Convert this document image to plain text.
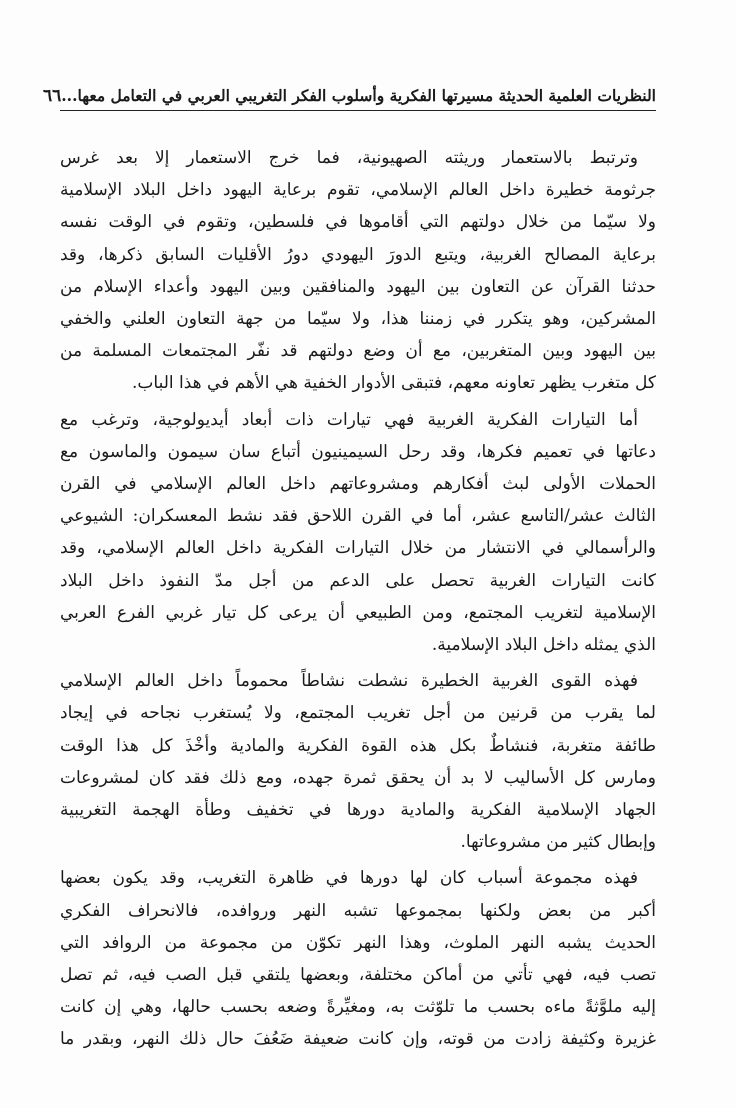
النظريات العلمية الحديثة مسيرتها الفكرية وأسلوب الفكر التغريبي العربي في التعامل معها...
٦٦
وترتبط بالاستعمار وريثته الصهيونية، فما خرج الاستعمار إلا بعد غرس
جرثومة خطيرة داخل العالم الإسلامي، تقوم برعاية اليهود داخل البلاد الإسلامية
ولا سيّما من خلال دولتهم التي أقاموها في فلسطين، وتقوم في الوقت نفسه
برعاية المصالح الغربية، ويتبع الدورَ اليهودي دورُ الأقليات السابق ذكرها، وقد
حدثنا القرآن عن التعاون بين اليهود والمنافقين وبين اليهود وأعداء الإسلام من
المشركين، وهو يتكرر في زمننا هذا، ولا سيّما من جهة التعاون العلني والخفي
بين اليهود وبين المتغربين، مع أن وضع دولتهم قد نفّر المجتمعات المسلمة من
كل متغرب يظهر تعاونه معهم، فتبقى الأدوار الخفية هي الأهم في هذا الباب.
أما التيارات الفكرية الغربية فهي تيارات ذات أبعاد أيديولوجية، وترغب مع
دعاتها في تعميم فكرها، وقد رحل السيمينيون أتباع سان سيمون والماسون مع
الحملات الأولى لبث أفكارهم ومشروعاتهم داخل العالم الإسلامي في القرن
الثالث عشر/التاسع عشر، أما في القرن اللاحق فقد نشط المعسكران: الشيوعي
والرأسمالي في الانتشار من خلال التيارات الفكرية داخل العالم الإسلامي، وقد
كانت التيارات الغربية تحصل على الدعم من أجل مدّ النفوذ داخل البلاد
الإسلامية لتغريب المجتمع، ومن الطبيعي أن يرعى كل تيار غربي الفرع العربي
الذي يمثله داخل البلاد الإسلامية.
فهذه القوى الغربية الخطيرة نشطت نشاطاً محموماً داخل العالم الإسلامي
لما يقرب من قرنين من أجل تغريب المجتمع، ولا يُستغرب نجاحه في إيجاد
طائفة متغربة، فنشاطٌ بكل هذه القوة الفكرية والمادية وأخْذَ كل هذا الوقت
ومارس كل الأساليب لا بد أن يحقق ثمرة جهده، ومع ذلك فقد كان لمشروعات
الجهاد الإسلامية الفكرية والمادية دورها في تخفيف وطأة الهجمة التغريبية
وإبطال كثير من مشروعاتها.
فهذه مجموعة أسباب كان لها دورها في ظاهرة التغريب، وقد يكون بعضها
أكبر من بعض ولكنها بمجموعها تشبه النهر وروافده، فالانحراف الفكري
الحديث يشبه النهر الملوث، وهذا النهر تكوّن من مجموعة من الروافد التي
تصب فيه، فهي تأتي من أماكن مختلفة، وبعضها يلتقي قبل الصب فيه، ثم تصل
إليه ملوَّثةً ماءه بحسب ما تلوّثت به، ومغيِّرةً وضعه بحسب حالها، وهي إن كانت
غزيرة وكثيفة زادت من قوته، وإن كانت ضعيفة ضَعُفَ حال ذلك النهر، وبقدر ما
